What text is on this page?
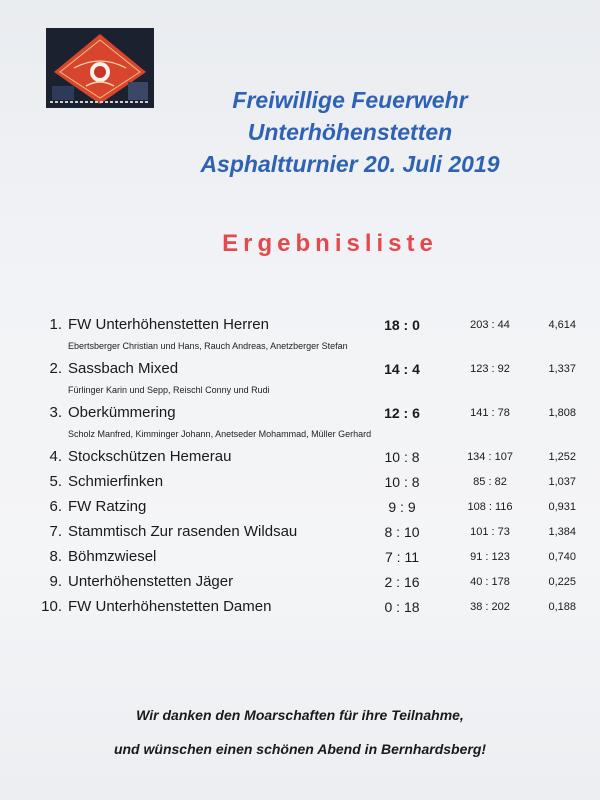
Freiwillige Feuerwehr
Unterhöhenstetten
Asphaltturnier 20. Juli 2019
Ergebnisliste
1. FW Unterhöhenstetten Herren	18 : 0	203 : 44	4,614
Ebertsberger Christian und Hans, Rauch Andreas, Anetzberger Stefan
2. Sassbach Mixed	14 : 4	123 : 92	1,337
Fürlinger Karin und Sepp, Reischl Conny und Rudi
3. Oberkümmering	12 : 6	141 : 78	1,808
Scholz Manfred, Kimminger Johann, Anetseder Mohammad, Müller Gerhard
4. Stockschützen Hemerau	10 : 8	134 : 107	1,252
5. Schmierfinken	10 : 8	85 : 82	1,037
6. FW Ratzing	9 : 9	108 : 116	0,931
7. Stammtisch Zur rasenden Wildsau	8 : 10	101 : 73	1,384
8. Böhmzwiesel	7 : 11	91 : 123	0,740
9. Unterhöhenstetten Jäger	2 : 16	40 : 178	0,225
10. FW Unterhöhenstetten Damen	0 : 18	38 : 202	0,188
Wir danken den Moarschaften für ihre Teilnahme,
und wünschen einen schönen Abend in Bernhardsberg!
